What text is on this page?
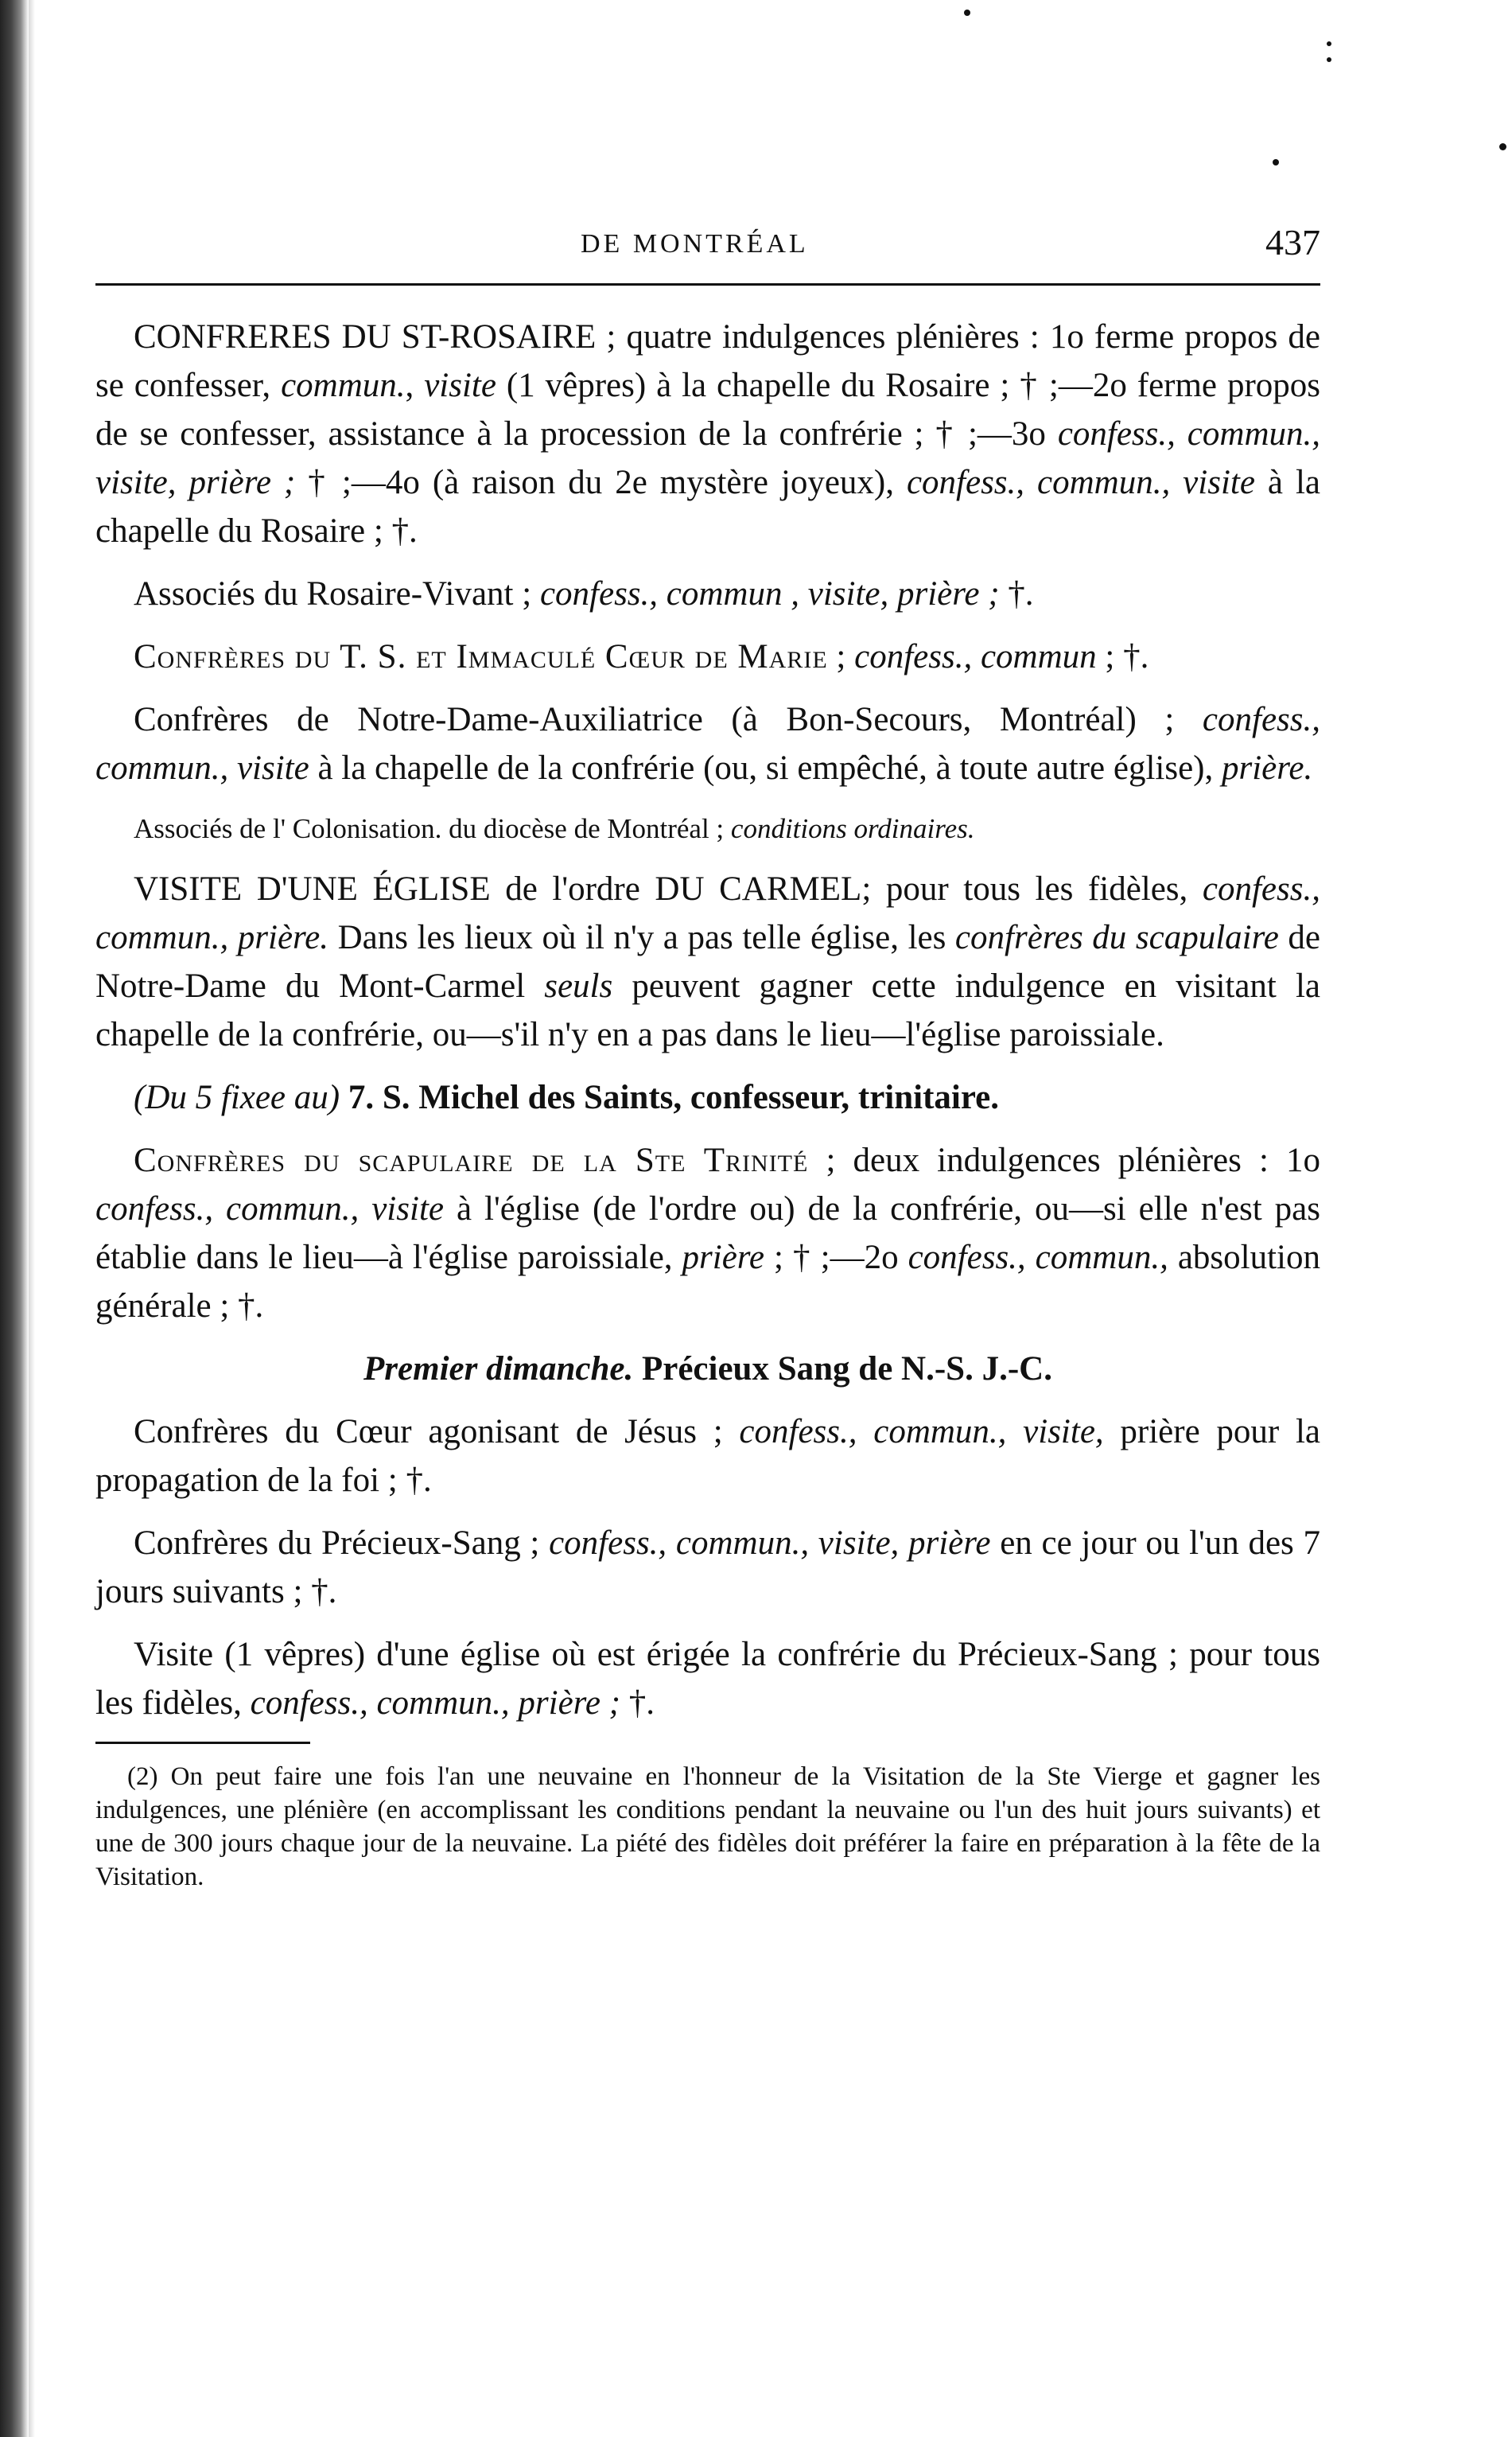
DE MONTRÉAL	437

CONFRERES DU ST-ROSAIRE ; quatre indulgences plénières : 1o ferme propos de se confesser, commun., visite (1 vêpres) à la chapelle du Rosaire ; † ;—2o ferme propos de se confesser, assistance à la procession de la confrérie ; † ;—3o confess., commun., visite, prière ; † ;—4o (à raison du 2e mystère joyeux), confess., commun., visite à la chapelle du Rosaire ; †.

Associés du Rosaire-Vivant ; confess., commun , visite, prière ; †.

Confrères du T. S. et Immaculé Cœur de Marie ; confess., commun ; †.

Confrères de Notre-Dame-Auxiliatrice (à Bon-Secours, Montréal) ; confess., commun., visite à la chapelle de la confrérie (ou, si empêché, à toute autre église), prière.

Associés de l' Colonisation. du diocèse de Montréal ; conditions ordinaires.

VISITE D'UNE ÉGLISE de l'ordre DU CARMEL; pour tous les fidèles, confess., commun., prière. Dans les lieux où il n'y a pas telle église, les confrères du scapulaire de Notre-Dame du Mont-Carmel seuls peuvent gagner cette indulgence en visitant la chapelle de la confrérie, ou—s'il n'y en a pas dans le lieu—l'église paroissiale.

(Du 5 fixee au) 7. S. Michel des Saints, confesseur, trinitaire.

Confrères du scapulaire de la Ste Trinité ; deux indulgences plénières : 1o confess., commun., visite à l'église (de l'ordre ou) de la confrérie, ou—si elle n'est pas établie dans le lieu—à l'église paroissiale, prière ; † ;—2o confess., commun., absolution générale ; †.

Premier dimanche. Précieux Sang de N.-S. J.-C.

Confrères du Cœur agonisant de Jésus ; confess., commun., visite, prière pour la propagation de la foi ; †.

Confrères du Précieux-Sang ; confess., commun., visite, prière en ce jour ou l'un des 7 jours suivants ; †.

Visite (1 vêpres) d'une église où est érigée la confrérie du Précieux-Sang ; pour tous les fidèles, confess., commun., prière ; †.

(2) On peut faire une fois l'an une neuvaine en l'honneur de la Visitation de la Ste Vierge et gagner les indulgences, une plénière (en accomplissant les conditions pendant la neuvaine ou l'un des huit jours suivants) et une de 300 jours chaque jour de la neuvaine. La piété des fidèles doit préférer la faire en préparation à la fête de la Visitation.
